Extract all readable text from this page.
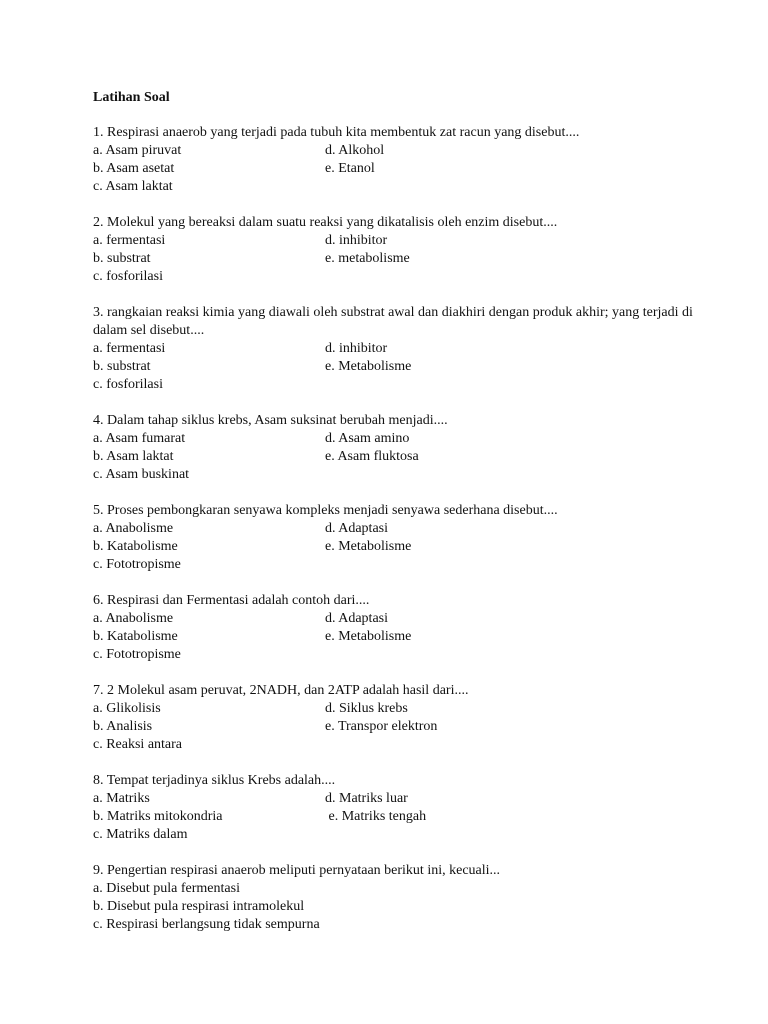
Latihan Soal
1. Respirasi anaerob yang terjadi pada tubuh kita membentuk zat racun yang disebut....
a. Asam piruvat	d. Alkohol
b. Asam asetat	e. Etanol
c. Asam laktat
2. Molekul yang bereaksi dalam suatu reaksi yang dikatalisis oleh enzim disebut....
a. fermentasi	d. inhibitor
b. substrat	e. metabolisme
c. fosforilasi
3. rangkaian reaksi kimia yang diawali oleh substrat awal dan diakhiri dengan produk akhir; yang terjadi di dalam sel disebut....
a. fermentasi	d. inhibitor
b. substrat	e. Metabolisme
c. fosforilasi
4. Dalam tahap siklus krebs, Asam suksinat berubah menjadi....
a. Asam fumarat	d. Asam amino
b. Asam laktat	e. Asam fluktosa
c. Asam buskinat
5. Proses pembongkaran senyawa kompleks menjadi senyawa sederhana disebut....
a. Anabolisme	d. Adaptasi
b. Katabolisme	e. Metabolisme
c. Fototropisme
6. Respirasi dan Fermentasi adalah contoh dari....
a. Anabolisme	d. Adaptasi
b. Katabolisme	e. Metabolisme
c. Fototropisme
7. 2 Molekul asam peruvat, 2NADH, dan 2ATP adalah hasil dari....
a. Glikolisis	d. Siklus krebs
b. Analisis	e. Transpor elektron
c. Reaksi antara
8. Tempat terjadinya siklus Krebs adalah....
a. Matriks	d. Matriks luar
b. Matriks mitokondria	e. Matriks tengah
c. Matriks dalam
9. Pengertian respirasi anaerob meliputi pernyataan berikut ini, kecuali...
a. Disebut pula fermentasi
b. Disebut pula respirasi intramolekul
c. Respirasi berlangsung tidak sempurna
